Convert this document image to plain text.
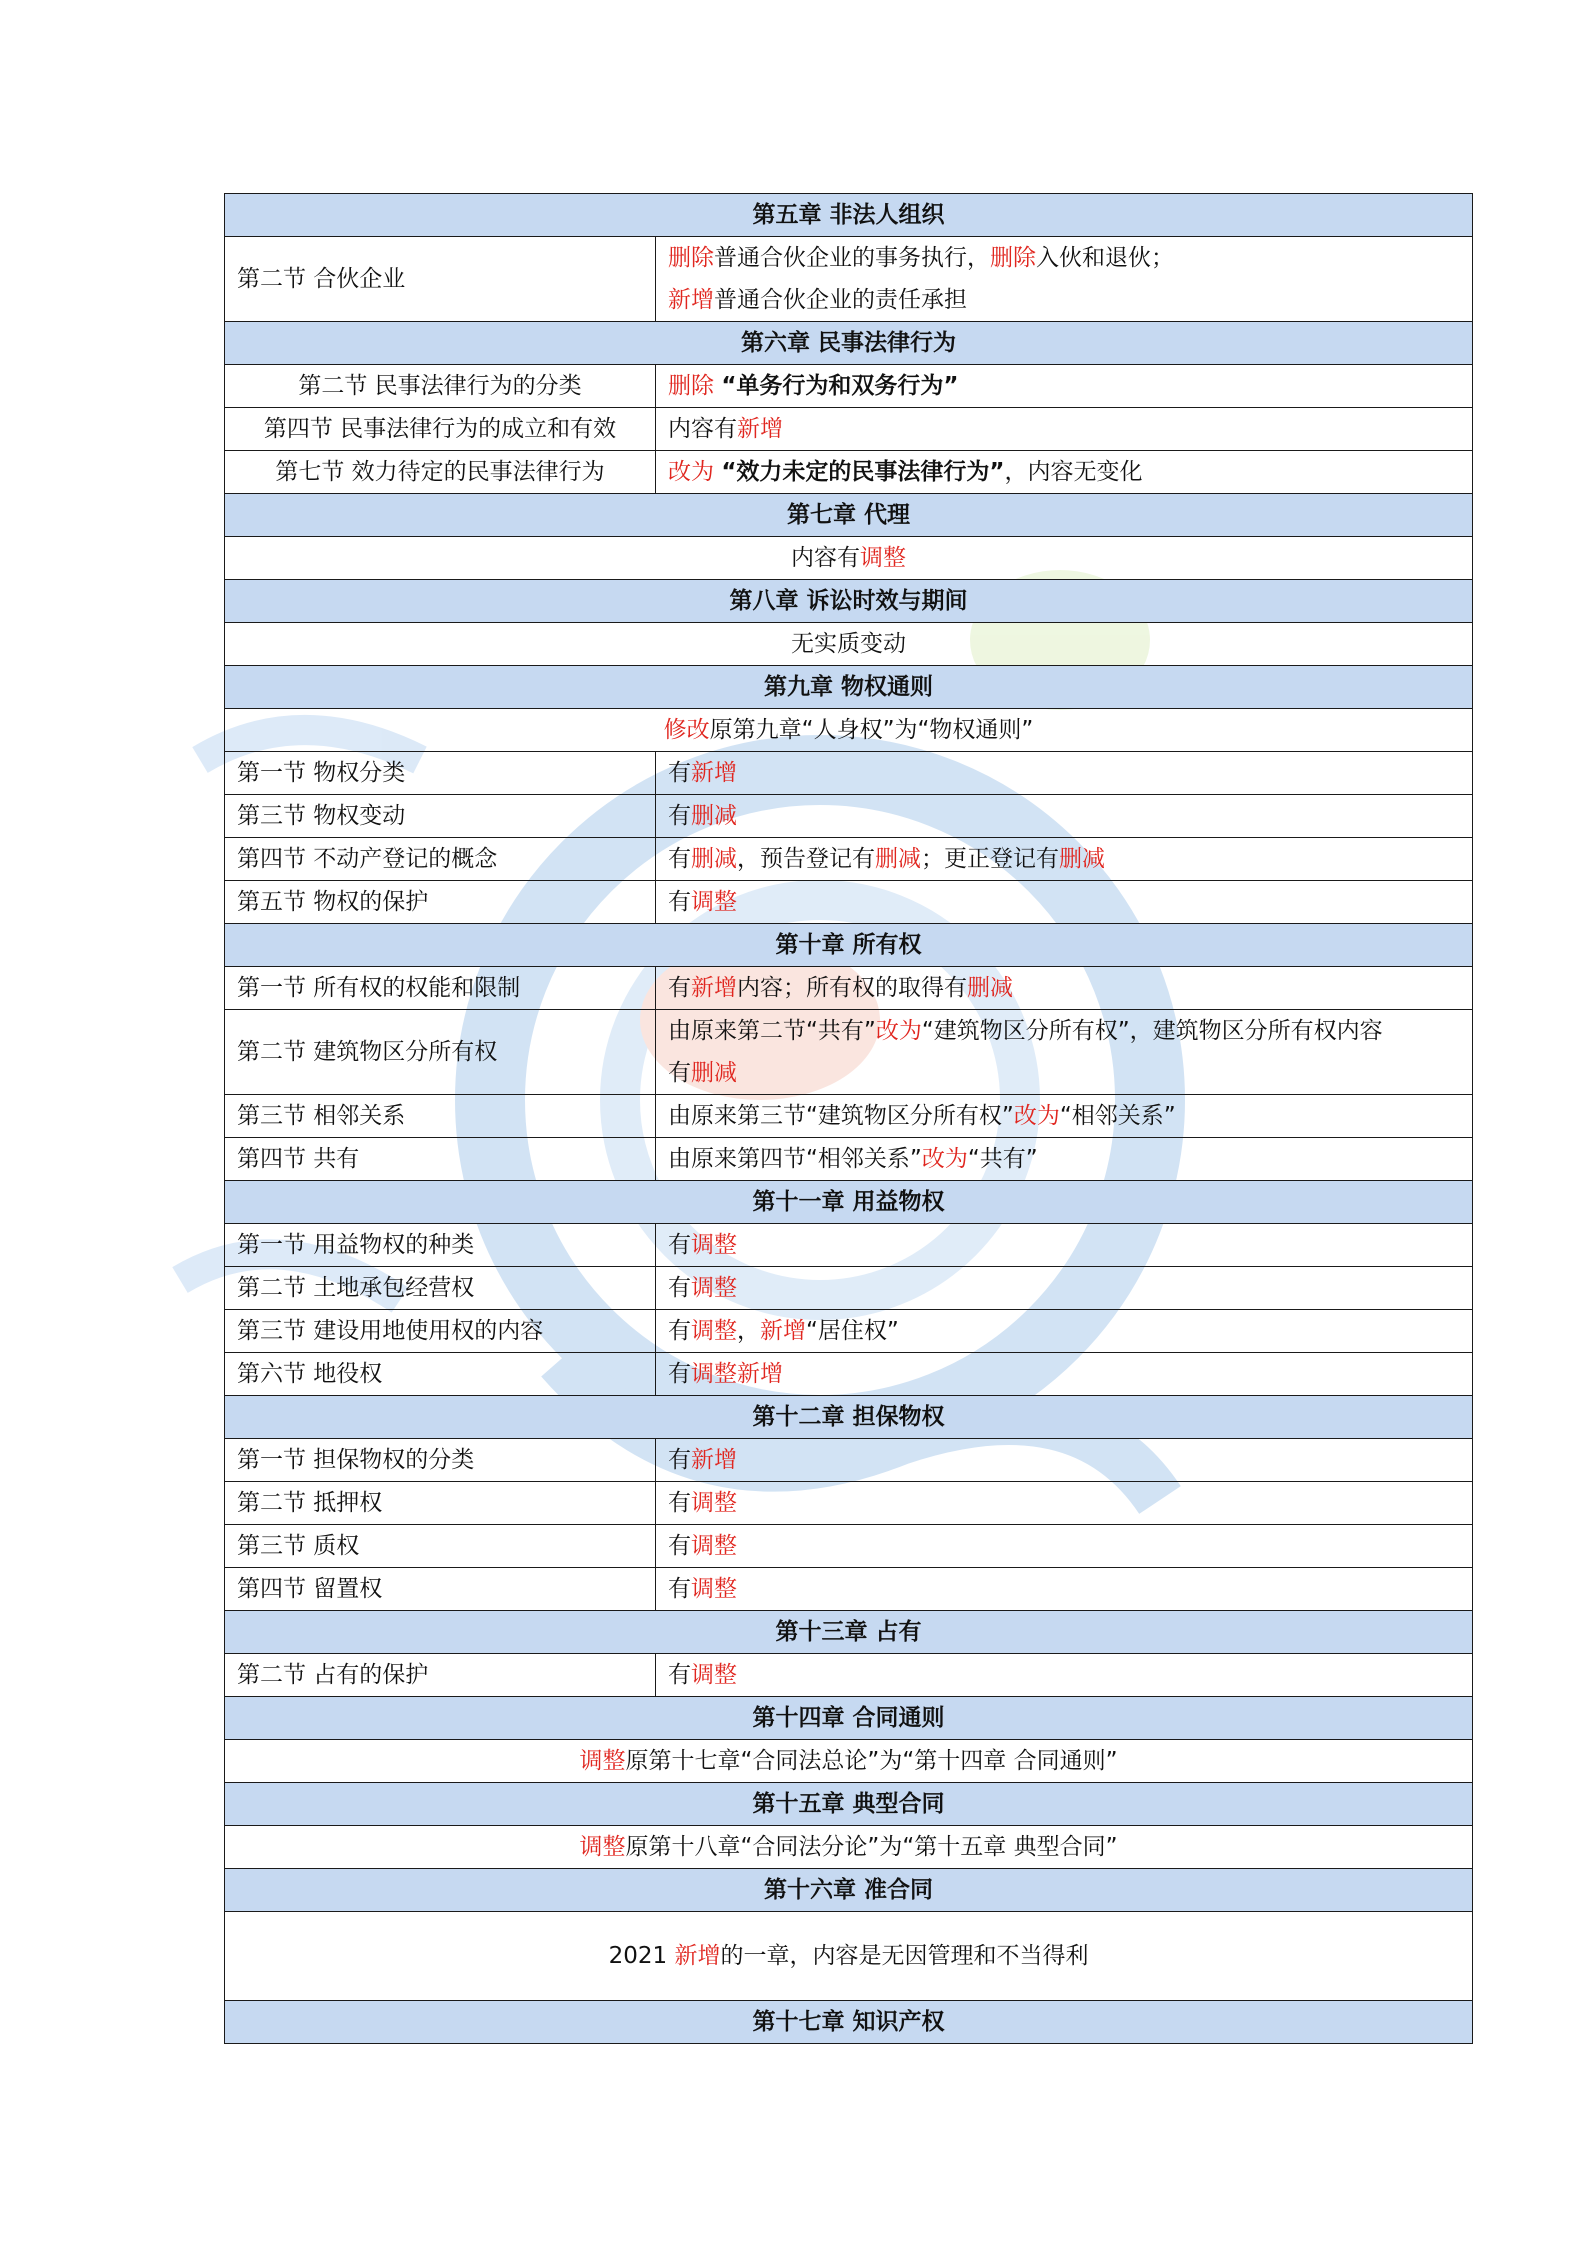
第五章 非法人组织	
第二节 合伙企业	删除普通合伙企业的事务执行，删除入伙和退伙；
新增普通合伙企业的责任承担

第六章 民事法律行为	
第二节 民事法律行为的分类	删除 “单务行为和双务行为”

第四节 民事法律行为的成立和有效	内容有新增

第七节 效力待定的民事法律行为	改为 “效力未定的民事法律行为”，内容无变化

第七章 代理	
内容有调整	
第八章 诉讼时效与期间	
无实质变动	
第九章 物权通则	
修改原第九章“人身权”为“物权通则”	
第一节 物权分类	有新增

第三节 物权变动	有删减

第四节 不动产登记的概念	有删减，预告登记有删减；更正登记有删减

第五节 物权的保护	有调整

第十章 所有权	
第一节 所有权的权能和限制	有新增内容；所有权的取得有删减

第二节 建筑物区分所有权	由原来第二节“共有”改为“建筑物区分所有权”，建筑物区分所有权内容
有删减

第三节 相邻关系	由原来第三节“建筑物区分所有权”改为“相邻关系”

第四节 共有	由原来第四节“相邻关系”改为“共有”

第十一章 用益物权	
第一节 用益物权的种类	有调整

第二节 土地承包经营权	有调整

第三节 建设用地使用权的内容	有调整，新增“居住权”

第六节 地役权	有调整新增

第十二章 担保物权	
第一节 担保物权的分类	有新增

第二节 抵押权	有调整

第三节 质权	有调整

第四节 留置权	有调整

第十三章 占有	
第二节 占有的保护	有调整

第十四章 合同通则	
调整原第十七章“合同法总论”为“第十四章 合同通则”	
第十五章 典型合同	
调整原第十八章“合同法分论”为“第十五章 典型合同”	
第十六章 准合同	
2021 新增的一章，内容是无因管理和不当得利	
第十七章 知识产权	
